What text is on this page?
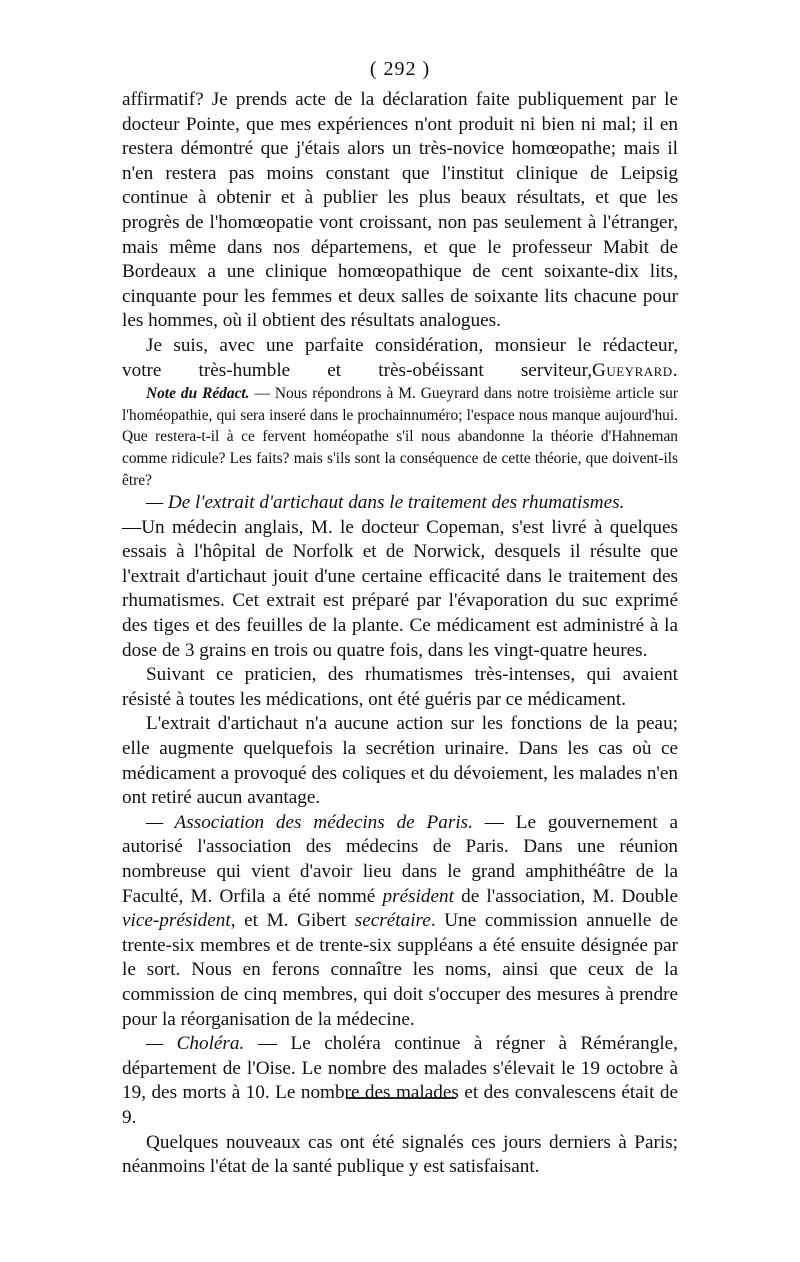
( 292 )

affirmatif? Je prends acte de la déclaration faite publiquement par le docteur Pointe, que mes expériences n'ont produit ni bien ni mal; il en restera démontré que j'étais alors un très-novice homœopathe; mais il n'en restera pas moins constant que l'institut clinique de Leipsig continue à obtenir et à publier les plus beaux résultats, et que les progrès de l'homœopatie vont croissant, non pas seulement à l'étranger, mais même dans nos départemens, et que le professeur Mabit de Bordeaux a une clinique homœopathique de cent soixante-dix lits, cinquante pour les femmes et deux salles de soixante lits chacune pour les hommes, où il obtient des résultats analogues.

Je suis, avec une parfaite considération, monsieur le rédacteur,

votre très-humble et très-obéissant serviteur,Gueyrard.

Note du Rédact. — Nous répondrons à M. Gueyrard dans notre troisième article sur l'homéopathie, qui sera inseré dans le prochainnuméro; l'espace nous manque aujourd'hui. Que restera-t-il à ce fervent homéopathe s'il nous abandonne la théorie d'Hahneman comme ridicule? Les faits? mais s'ils sont la conséquence de cette théorie, que doivent-ils être?

— De l'extrait d'artichaut dans le traitement des rhumatismes.

—Un médecin anglais, M. le docteur Copeman, s'est livré à quelques essais à l'hôpital de Norfolk et de Norwick, desquels il résulte que l'extrait d'artichaut jouit d'une certaine efficacité dans le traitement des rhumatismes. Cet extrait est préparé par l'évaporation du suc exprimé des tiges et des feuilles de la plante. Ce médicament est administré à la dose de 3 grains en trois ou quatre fois, dans les vingt-quatre heures.

Suivant ce praticien, des rhumatismes très-intenses, qui avaient résisté à toutes les médications, ont été guéris par ce médicament.

L'extrait d'artichaut n'a aucune action sur les fonctions de la peau; elle augmente quelquefois la secrétion urinaire. Dans les cas où ce médicament a provoqué des coliques et du dévoiement, les malades n'en ont retiré aucun avantage.

— Association des médecins de Paris. — Le gouvernement a autorisé l'association des médecins de Paris. Dans une réunion nombreuse qui vient d'avoir lieu dans le grand amphithéâtre de la Faculté, M. Orfila a été nommé président de l'association, M. Double vice-président, et M. Gibert secrétaire. Une commission annuelle de trente-six membres et de trente-six suppléans a été ensuite désignée par le sort. Nous en ferons connaître les noms, ainsi que ceux de la commission de cinq membres, qui doit s'occuper des mesures à prendre pour la réorganisation de la médecine.

— Choléra. — Le choléra continue à régner à Rémérangle, département de l'Oise. Le nombre des malades s'élevait le 19 octobre à 19, des morts à 10. Le nombre des malades et des convalescens était de 9.

Quelques nouveaux cas ont été signalés ces jours derniers à Paris; néanmoins l'état de la santé publique y est satisfaisant.
